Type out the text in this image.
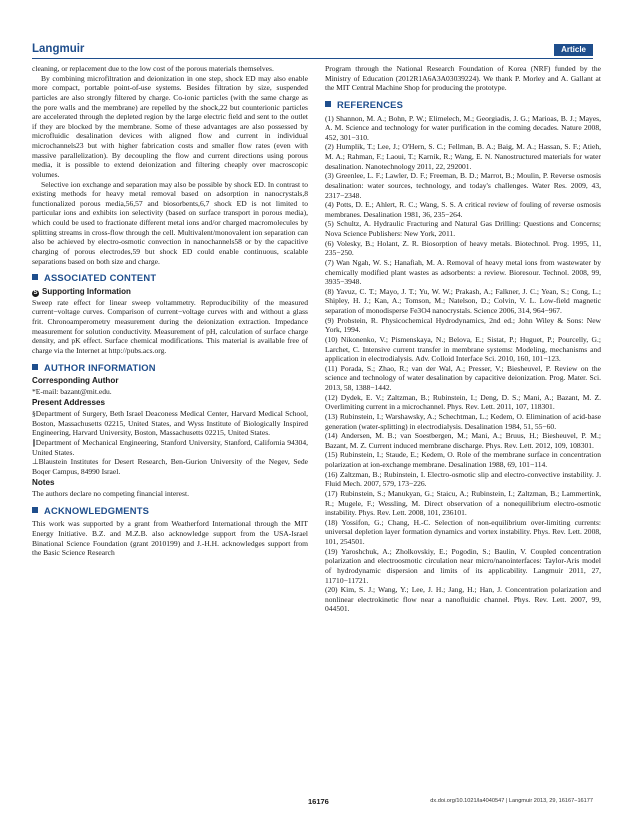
Langmuir	Article

cleaning, or replacement due to the low cost of the porous materials themselves.

By combining microfiltration and deionization in one step, shock ED may also enable more compact, portable point-of-use systems. Besides filtration by size, suspended particles are also strongly filtered by charge. Co-ionic particles (with the same charge as the pore walls and the membrane) are repelled by the shock,22 but counterionic particles are accelerated through the depleted region by the large electric field and sent to the outlet if they are blocked by the membrane. Some of these advantages are also possessed by microfluidic desalination devices with aligned flow and current in individual microchannels23 but with higher fabrication costs and smaller flow rates (even with massive parallelization). By decoupling the flow and current directions using porous media, it is possible to extend deionization and filtering cheaply over macroscopic volumes.

Selective ion exchange and separation may also be possible by shock ED. In contrast to existing methods for heavy metal removal based on adsorption in nanocrystals,8 functionalized porous media,56,57 and biosorbents,6,7 shock ED is not limited to particular ions and exhibits ion selectivity (based on surface transport in porous media), which could be used to fractionate different metal ions and/or charged macromolecules by splitting streams in cross-flow through the cell. Multivalent/monovalent ion separation can also be achieved by electro-osmotic convection in nanochannels58 or by the capacitive charging of porous electrodes,59 but shock ED could enable continuous, scalable separations based on both size and charge.

ASSOCIATED CONTENT
S Supporting Information

Sweep rate effect for linear sweep voltammetry. Reproducibility of the measured current−voltage curves. Comparison of current−voltage curves with and without a glass frit. Chronoamperometry measurement during the deionization extraction. Impedance measurement for solution conductivity. Measurement of pH, calculation of surface charge density, and pK effect. Surface chemical modifications. This material is available free of charge via the Internet at http://pubs.acs.org.

AUTHOR INFORMATION
Corresponding Author

*E-mail: bazant@mit.edu.

Present Addresses

§Department of Surgery, Beth Israel Deaconess Medical Center, Harvard Medical School, Boston, Massachusetts 02215, United States, and Wyss Institute of Biologically Inspired Engineering, Harvard University, Boston, Massachusetts 02215, United States.

∥Department of Mechanical Engineering, Stanford University, Stanford, California 94304, United States.

⊥Blaustein Institutes for Desert Research, Ben-Gurion University of the Negev, Sede Boqer Campus, 84990 Israel.

Notes

The authors declare no competing financial interest.

ACKNOWLEDGMENTS

This work was supported by a grant from Weatherford International through the MIT Energy Initiative. B.Z. and M.Z.B. also acknowledge support from the USA-Israel Binational Science Foundation (grant 2010199) and J.-H.H. acknowledges support from the Basic Science Research

Program through the National Research Foundation of Korea (NRF) funded by the Ministry of Education (2012R1A6A3A03039224). We thank P. Morley and A. Gallant at the MIT Central Machine Shop for producing the prototype.

REFERENCES

(1) Shannon, M. A.; Bohn, P. W.; Elimelech, M.; Georgiadis, J. G.; Marioas, B. J.; Mayes, A. M. Science and technology for water purification in the coming decades. Nature 2008, 452, 301−310.

(2) Humplik, T.; Lee, J.; O'Hern, S. C.; Fellman, B. A.; Baig, M. A.; Hassan, S. F.; Atieh, M. A.; Rahman, F.; Laoui, T.; Karnik, R.; Wang, E. N. Nanostructured materials for water desalination. Nanotechnology 2011, 22, 292001.

(3) Greenlee, L. F.; Lawler, D. F.; Freeman, B. D.; Marrot, B.; Moulin, P. Reverse osmosis desalination: water sources, technology, and today's challenges. Water Res. 2009, 43, 2317−2348.

(4) Potts, D. E.; Ahlert, R. C.; Wang, S. S. A critical review of fouling of reverse osmosis membranes. Desalination 1981, 36, 235−264.

(5) Schultz, A. Hydraulic Fracturing and Natural Gas Drilling: Questions and Concerns; Nova Science Publishers: New York, 2011.

(6) Volesky, B.; Holant, Z. R. Biosorption of heavy metals. Biotechnol. Prog. 1995, 11, 235−250.

(7) Wan Ngah, W. S.; Hanafiah, M. A. Removal of heavy metal ions from wastewater by chemically modified plant wastes as adsorbents: a review. Bioresour. Technol. 2008, 99, 3935−3948.

(8) Yavuz, C. T.; Mayo, J. T.; Yu, W. W.; Prakash, A.; Falkner, J. C.; Yean, S.; Cong, L.; Shipley, H. J.; Kan, A.; Tomson, M.; Natelson, D.; Colvin, V. L. Low-field magnetic separation of monodisperse Fe3O4 nanocrystals. Science 2006, 314, 964−967.

(9) Probstein, R. Physicochemical Hydrodynamics, 2nd ed.; John Wiley & Sons: New York, 1994.

(10) Nikonenko, V.; Pismenskaya, N.; Belova, E.; Sistat, P.; Huguet, P.; Pourcelly, G.; Larchet, C. Intensive current transfer in membrane systems: Modeling, mechanisms and application in electrodialysis. Adv. Colloid Interface Sci. 2010, 160, 101−123.

(11) Porada, S.; Zhao, R.; van der Wal, A.; Presser, V.; Biesheuvel, P. Review on the science and technology of water desalination by capacitive deionization. Prog. Mater. Sci. 2013, 58, 1388−1442.

(12) Dydek, E. V.; Zaltzman, B.; Rubinstein, I.; Deng, D. S.; Mani, A.; Bazant, M. Z. Overlimiting current in a microchannel. Phys. Rev. Lett. 2011, 107, 118301.

(13) Rubinstein, I.; Warshawsky, A.; Schechtman, L.; Kedem, O. Elimination of acid-base generation (water-splitting) in electrodialysis. Desalination 1984, 51, 55−60.

(14) Andersen, M. B.; van Soestbergen, M.; Mani, A.; Bruus, H.; Biesheuvel, P. M.; Bazant, M. Z. Current induced membrane discharge. Phys. Rev. Lett. 2012, 109, 108301.

(15) Rubinstein, I.; Staude, E.; Kedem, O. Role of the membrane surface in concentration polarization at ion-exchange membrane. Desalination 1988, 69, 101−114.

(16) Zaltzman, B.; Rubinstein, I. Electro-osmotic slip and electro-convective instability. J. Fluid Mech. 2007, 579, 173−226.

(17) Rubinstein, S.; Manukyan, G.; Staicu, A.; Rubinstein, I.; Zaltzman, B.; Lammertink, R.; Mugele, F.; Wessling, M. Direct observation of a nonequilibrium electro-osmotic instability. Phys. Rev. Lett. 2008, 101, 236101.

(18) Yossifon, G.; Chang, H.-C. Selection of non-equilibrium over-limiting currents: universal depletion layer formation dynamics and vortex instability. Phys. Rev. Lett. 2008, 101, 254501.

(19) Yaroshchuk, A.; Zholkovskiy, E.; Pogodin, S.; Baulin, V. Coupled concentration polarization and electroosmotic circulation near micro/nanointerfaces: Taylor-Aris model of hydrodynamic dispersion and limits of its applicability. Langmuir 2011, 27, 11710−11721.

(20) Kim, S. J.; Wang, Y.; Lee, J. H.; Jang, H.; Han, J. Concentration polarization and nonlinear electrokinetic flow near a nanofluidic channel. Phys. Rev. Lett. 2007, 99, 044501.

16176	dx.doi.org/10.1021/la4040547 | Langmuir 2013, 29, 16167−16177
